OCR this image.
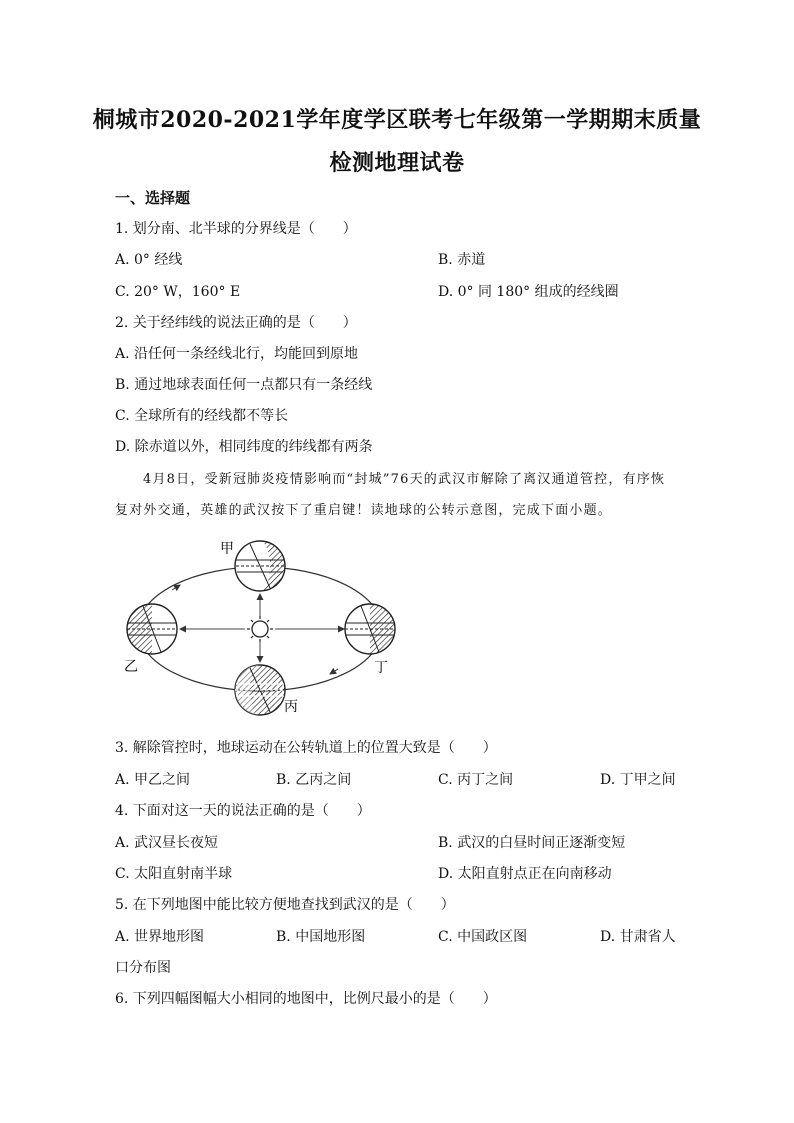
桐城市2020-2021学年度学区联考七年级第一学期期末质量
检测地理试卷
一、选择题
1. 划分南、北半球的分界线是（　　）
A. 0° 经线	B. 赤道
C. 20° W，160° E	D. 0° 同 180° 组成的经线圈
2. 关于经纬线的说法正确的是（　　）
A. 沿任何一条经线北行，均能回到原地
B. 通过地球表面任何一点都只有一条经线
C. 全球所有的经线都不等长
D. 除赤道以外，相同纬度的纬线都有两条
4月8日，受新冠肺炎疫情影响而“封城”76天的武汉市解除了离汉通道管控，有序恢
复对外交通，英雄的武汉按下了重启键！读地球的公转示意图，完成下面小题。
甲
乙	丁
丙
3. 解除管控时，地球运动在公转轨道上的位置大致是（　　）
A. 甲乙之间	B. 乙丙之间	C. 丙丁之间	D. 丁甲之间
4. 下面对这一天的说法正确的是（　　）
A. 武汉昼长夜短	B. 武汉的白昼时间正逐渐变短
C. 太阳直射南半球	D. 太阳直射点正在向南移动
5. 在下列地图中能比较方便地查找到武汉的是（　　）
A. 世界地形图	B. 中国地形图	C. 中国政区图	D. 甘肃省人
口分布图
6. 下列四幅图幅大小相同的地图中，比例尺最小的是（　　）
